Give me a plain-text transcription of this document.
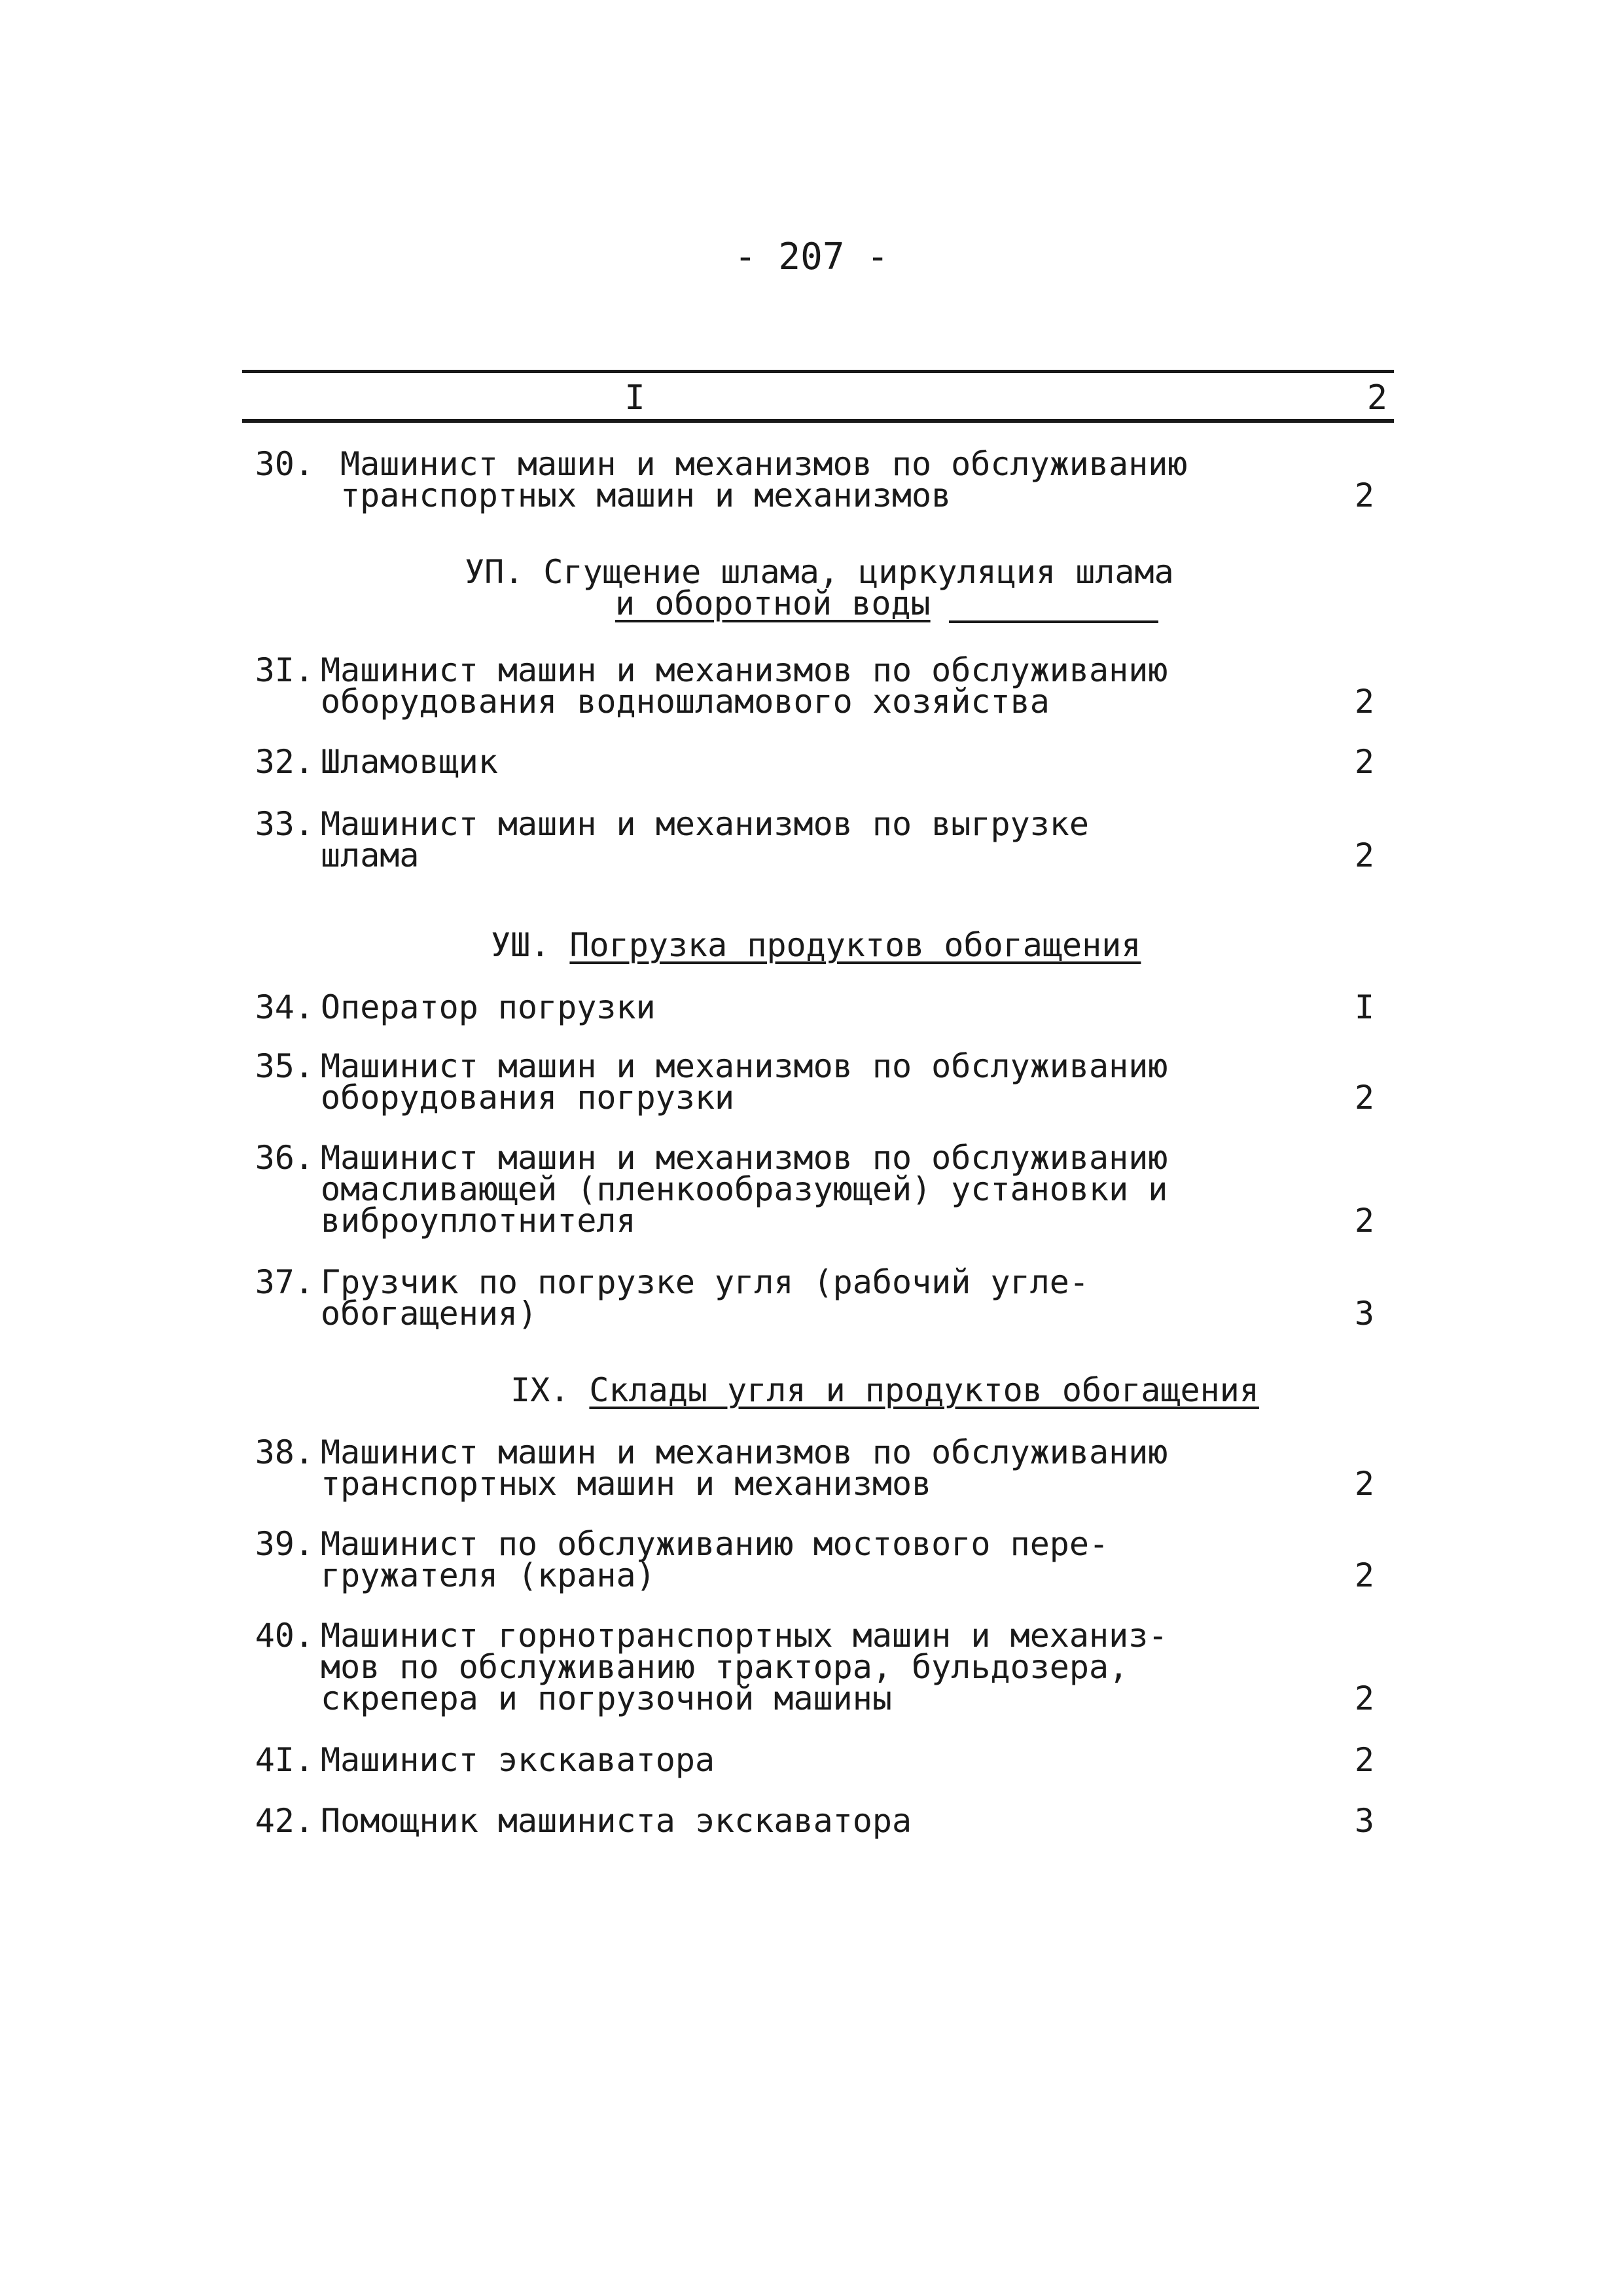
- 207 -
I	2
30. Машинист машин и механизмов по обслуживанию
транспортных машин и механизмов	2
УП. Сгущение шлама, циркуляция шлама
и оборотной воды
3I. Машинист машин и механизмов по обслуживанию
оборудования водношламового хозяйства	2
32. Шламовщик	2
33. Машинист машин и механизмов по выгрузке
шлама	2
УШ. Погрузка продуктов обогащения
34. Оператор погрузки	I
35. Машинист машин и механизмов по обслуживанию
оборудования погрузки	2
36. Машинист машин и механизмов по обслуживанию
омасливающей (пленкообразующей) установки и
виброуплотнителя	2
37. Грузчик по погрузке угля (рабочий угле-
обогащения)	3
IX. Склады угля и продуктов обогащения
38. Машинист машин и механизмов по обслуживанию
транспортных машин и механизмов	2
39. Машинист по обслуживанию мостового пере-
гружателя (крана)	2
40. Машинист горнотранспортных машин и механиз-
мов по обслуживанию трактора, бульдозера,
скрепера и погрузочной машины	2
4I. Машинист экскаватора	2
42. Помощник машиниста экскаватора	3
